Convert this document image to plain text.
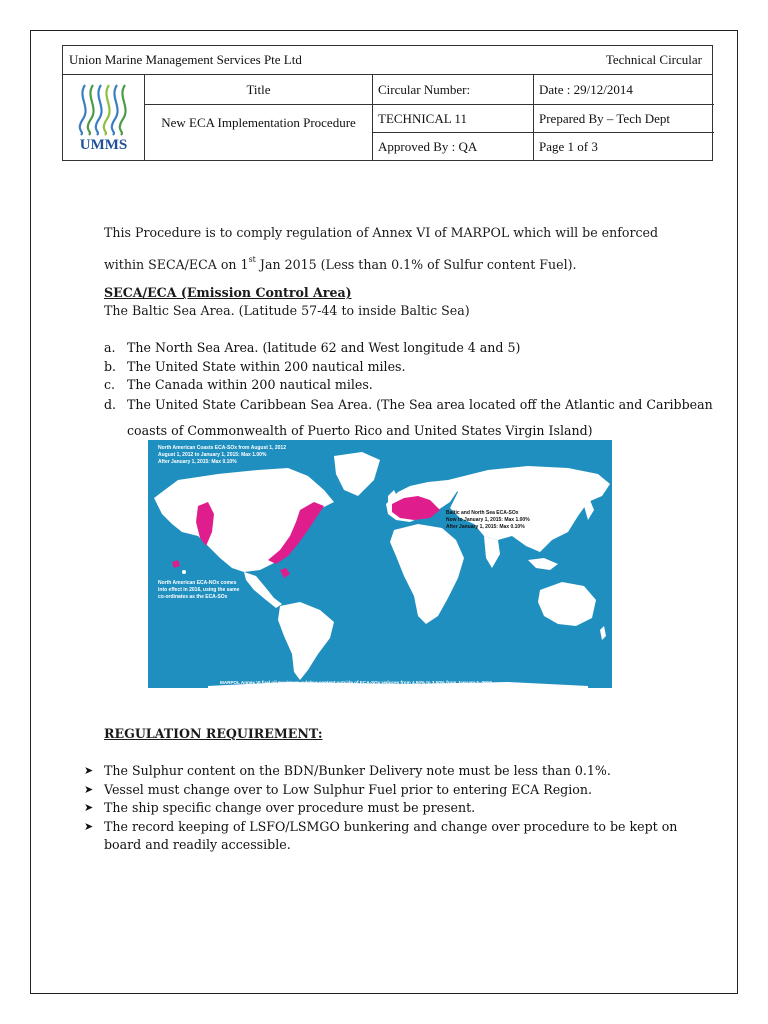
Union Marine Management Services Pte Ltd	Technical Circular
UMMS
Title	Circular Number:	Date : 29/12/2014
New ECA Implementation Procedure	TECHNICAL 11	Prepared By – Tech Dept
Approved By : QA	Page 1 of 3
This Procedure is to comply regulation of Annex VI of MARPOL which will be enforced
within SECA/ECA on 1st Jan 2015 (Less than 0.1% of Sulfur content Fuel).
SECA/ECA (Emission Control Area)
The Baltic Sea Area. (Latitude 57-44 to inside Baltic Sea)
a. The North Sea Area. (latitude 62 and West longitude 4 and 5)
b. The United State within 200 nautical miles.
c. The Canada within 200 nautical miles.
d. The United State Caribbean Sea Area. (The Sea area located off the Atlantic and Caribbean coasts of Commonwealth of Puerto Rico and United States Virgin Island)
North American Coasts ECA-SOx from August 1, 2012
August 1, 2012 to January 1, 2015: Max 1.00%
After January 1, 2015: Max 0.10%
North American ECA-NOx comes
into effect in 2016, using the same
co-ordinates as the ECA-SOx
MARPOL Annex VI fuel oil maximum sulphur content outside of ECA-SOx reduces from 4.50% to 3.50% from January 1, 2012
Baltic and North Sea ECA-SOx
Now to January 1, 2015: Max 1.00%
After January 1, 2015: Max 0.10%
REGULATION REQUIREMENT:
➤ The Sulphur content on the BDN/Bunker Delivery note must be less than 0.1%.
➤ Vessel must change over to Low Sulphur Fuel prior to entering ECA Region.
➤ The ship specific change over procedure must be present.
➤ The record keeping of LSFO/LSMGO bunkering and change over procedure to be kept on board and readily accessible.
